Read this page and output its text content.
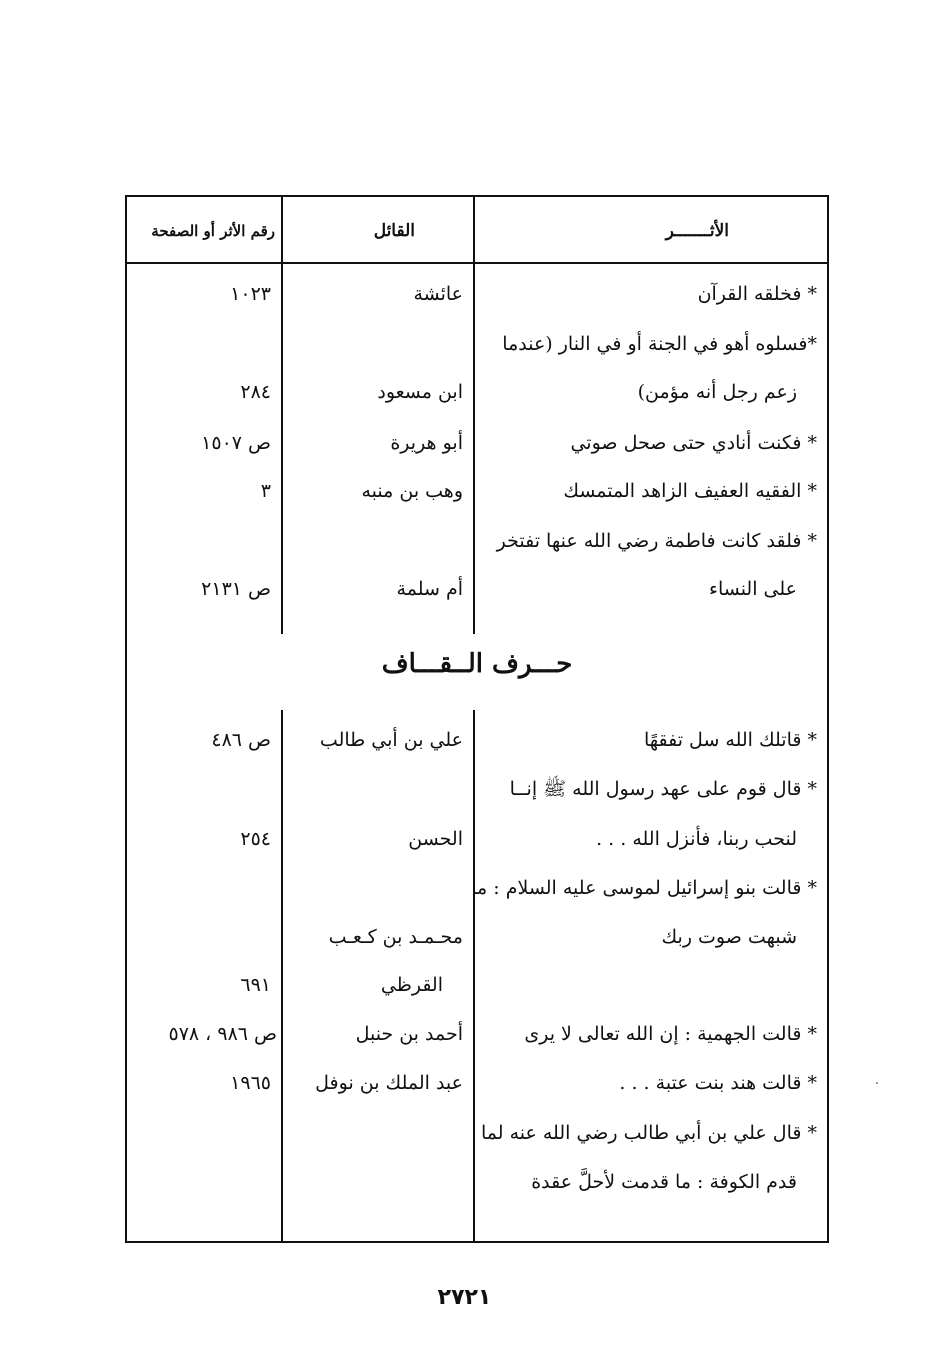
الأثـــــــر
* فخلقه القرآن
*فسلوه أهو في الجنة أو في النار (عندما
زعم رجل أنه مؤمن)
* فكنت أنادي حتى صحل صوتي
* الفقيه العفيف الزاهد المتمسك
* فلقد كانت فاطمة رضي الله عنها تفتخر
على النساء
* قاتلك الله سل تفقهًا
* قال قوم على عهد رسول الله ﷺ إنــا
لنحب ربنا، فأنزل الله . . .
* قالت بنو إسرائيل لموسى عليه السلام : ما
شبهت صوت ربك
* قالت الجهمية : إن الله تعالى لا يرى
* قالت هند بنت عتبة . . .
* قال علي بن أبي طالب رضي الله عنه لما
قدم الكوفة : ما قدمت لأحلَّ عقدة
القائل
عائشة
ابن مسعود
أبو هريرة
وهب بن منبه
أم سلمة
علي بن أبي طالب
الحسن
محـمـد بن كـعـب
القرظي
أحمد بن حنبل
عبد الملك بن نوفل
رقم الأثر أو الصفحة
١٠٢٣
٢٨٤
ص ١٥٠٧
٣
ص ٢١٣١
ص ٤٨٦
٢٥٤
٦٩١
ص ٩٨٦ ، ٥٧٨
١٩٦٥
حـــرف الــقـــاف
٢٧٢١
